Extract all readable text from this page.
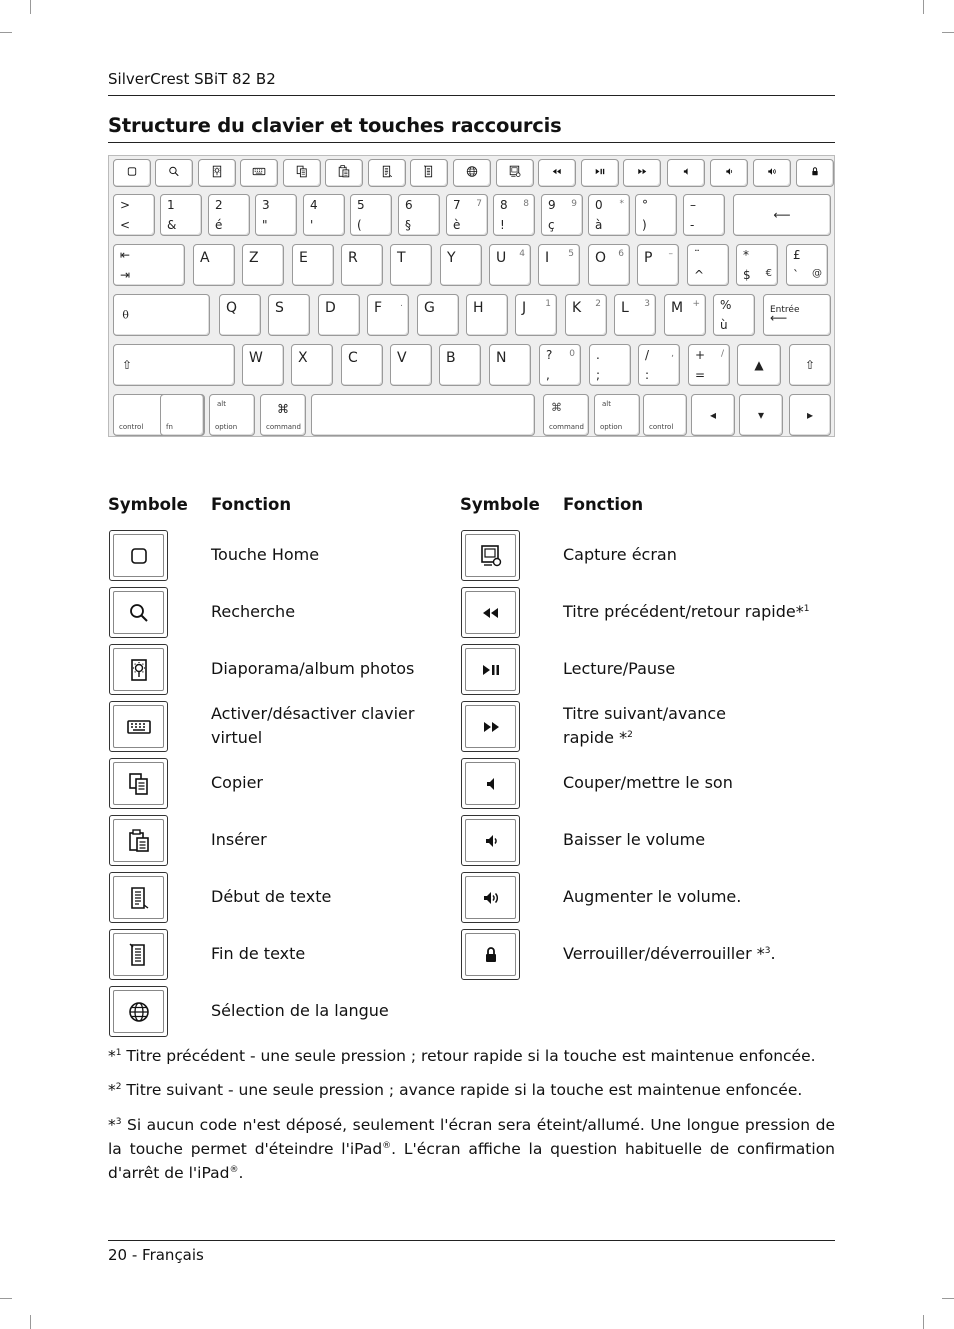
SilverCrest SBiT 82 B2
Structure du clavier et touches raccourcis
>
<
1
&
2
é
3
"
4
'
5
(
6
§
7
è
7 8
!
8 9
ç
9 0
à
* °
)
–
-
⟵
⇤
⇥
A	Z	E	R	T	Y	U 4 I 5 O 6 P – ¨
^
*
$ €
£
` @
⍬	Q	S	D	F . G	H	J 1 K 2 L 3 M + %
ù
Entrée
⟵
⇧	W	X	C	V	B	N	?
,
0 .
;
/
:
, +
=
/
▲	⇧
control	fn
alt
option
⌘
command
⌘
command
alt
option	control
◂	▾	▸
Symbole Fonction	Symbole Fonction
Touche Home
Recherche
Diaporama/album photos
Activer/désactiver clavier
virtuel
Copier
Insérer
Début de texte
Fin de texte
Sélection de la langue
Capture écran
Titre précédent/retour rapide*$^1$
Lecture/Pause
Titre suivant/avance
rapide *$^2$
Couper/mettre le son
Baisser le volume
Augmenter le volume.
Verrouiller/déverrouiller *$^3$.
*$^1$ Titre précédent - une seule pression ; retour rapide si la touche est maintenue enfoncée.
*$^2$ Titre suivant - une seule pression ; avance rapide si la touche est maintenue enfoncée.
*$^3$ Si aucun code n'est déposé, seulement l'écran sera éteint/allumé. Une longue pression de la touche permet d'éteindre l'iPad®. L'écran affiche la question habituelle de confirmation d'arrêt de l'iPad®.
20 - Français
